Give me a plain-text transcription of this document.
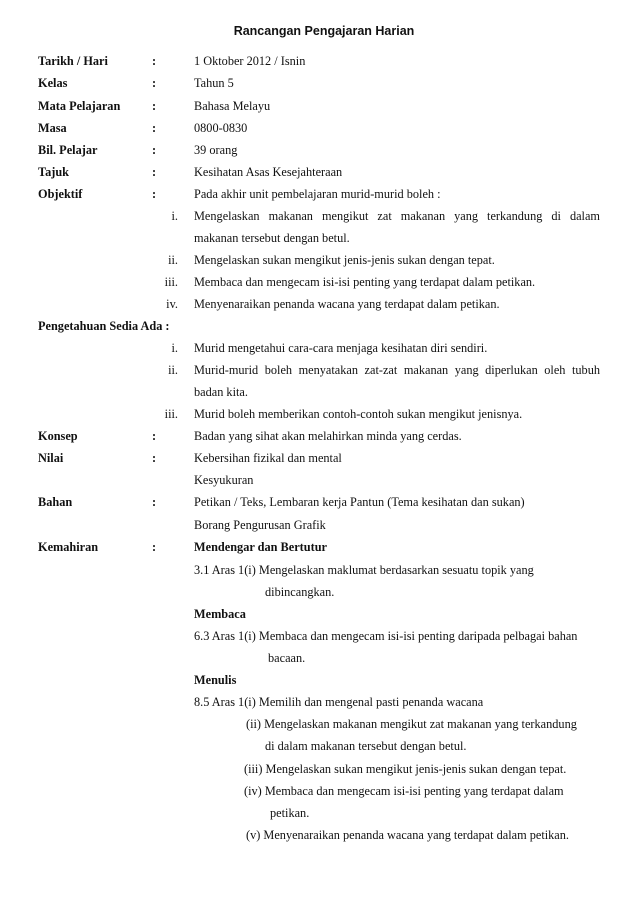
Rancangan Pengajaran Harian
Tarikh / Hari	:	1 Oktober 2012 / Isnin
Kelas	:	Tahun 5
Mata Pelajaran	:	Bahasa Melayu
Masa	:	0800-0830
Bil. Pelajar	:	39 orang
Tajuk	:	Kesihatan Asas Kesejahteraan
Objektif	:	Pada akhir unit pembelajaran murid-murid boleh :
i. Mengelaskan makanan mengikut zat makanan yang terkandung di dalam
makanan tersebut dengan betul.
ii. Mengelaskan sukan mengikut jenis-jenis sukan dengan tepat.
iii. Membaca dan mengecam isi-isi penting yang terdapat dalam petikan.
iv. Menyenaraikan penanda wacana yang terdapat dalam petikan.
Pengetahuan Sedia Ada :
i. Murid mengetahui cara-cara menjaga kesihatan diri sendiri.
ii. Murid-murid boleh menyatakan zat-zat makanan yang diperlukan oleh tubuh
badan kita.
iii. Murid boleh memberikan contoh-contoh sukan mengikut jenisnya.
Konsep	:	Badan yang sihat akan melahirkan minda yang cerdas.
Nilai	:	Kebersihan fizikal dan mental
Kesyukuran
Bahan	:	Petikan / Teks, Lembaran kerja Pantun (Tema kesihatan dan sukan)
Borang Pengurusan Grafik
Kemahiran	:	Mendengar dan Bertutur
3.1 Aras 1(i) Mengelaskan maklumat berdasarkan sesuatu topik yang
dibincangkan.
Membaca
6.3 Aras 1(i) Membaca dan mengecam isi-isi penting daripada pelbagai bahan
bacaan.
Menulis
8.5 Aras 1(i) Memilih dan mengenal pasti penanda wacana
(ii) Mengelaskan makanan mengikut zat makanan yang terkandung
di dalam makanan tersebut dengan betul.
(iii) Mengelaskan sukan mengikut jenis-jenis sukan dengan tepat.
(iv) Membaca dan mengecam isi-isi penting yang terdapat dalam
petikan.
(v) Menyenaraikan penanda wacana yang terdapat dalam petikan.
